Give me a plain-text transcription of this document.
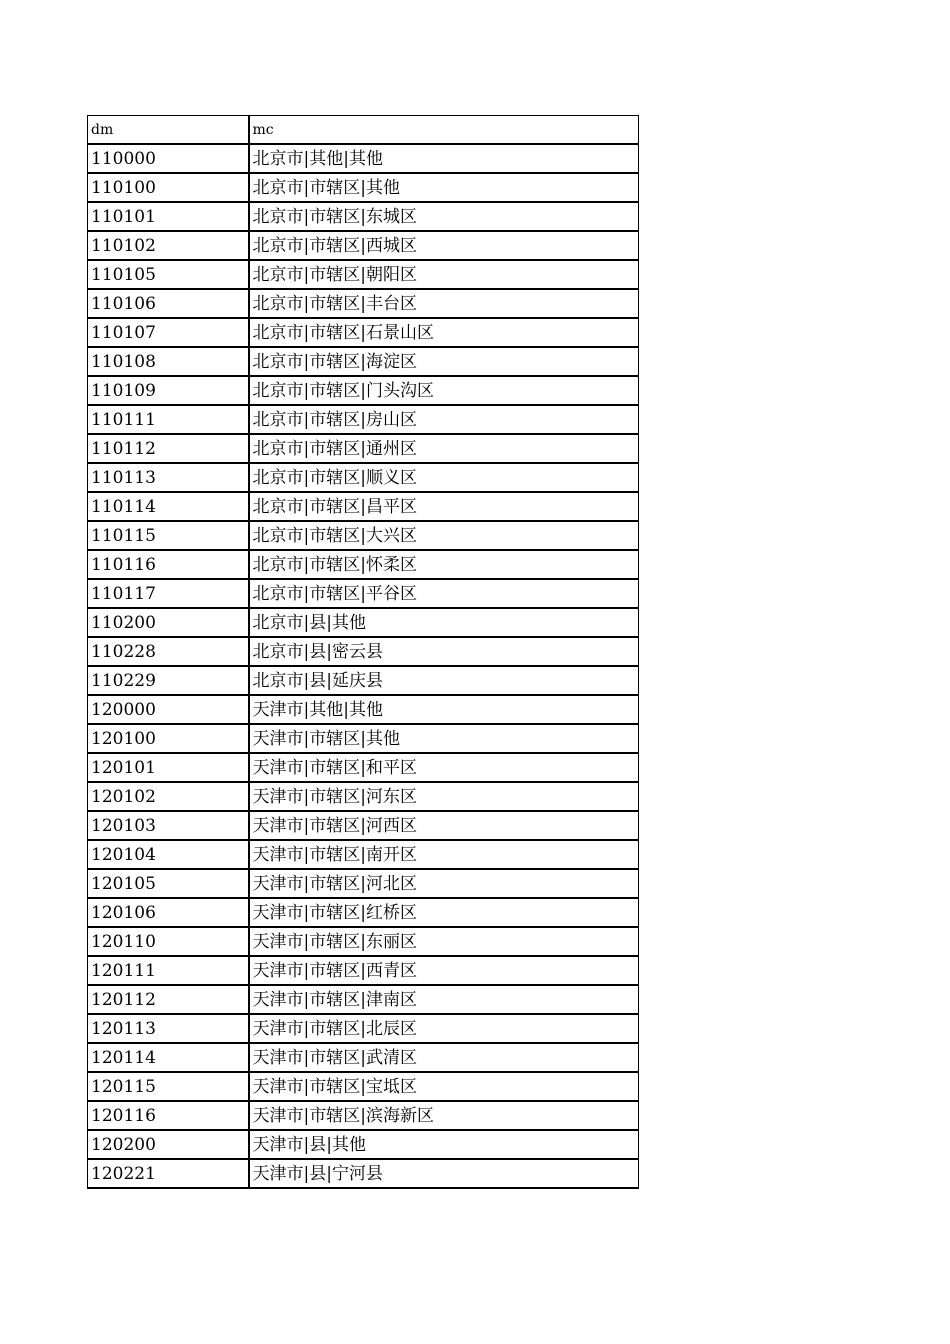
dm	mc
110000	北京市|其他|其他
110100	北京市|市辖区|其他
110101	北京市|市辖区|东城区
110102	北京市|市辖区|西城区
110105	北京市|市辖区|朝阳区
110106	北京市|市辖区|丰台区
110107	北京市|市辖区|石景山区
110108	北京市|市辖区|海淀区
110109	北京市|市辖区|门头沟区
110111	北京市|市辖区|房山区
110112	北京市|市辖区|通州区
110113	北京市|市辖区|顺义区
110114	北京市|市辖区|昌平区
110115	北京市|市辖区|大兴区
110116	北京市|市辖区|怀柔区
110117	北京市|市辖区|平谷区
110200	北京市|县|其他
110228	北京市|县|密云县
110229	北京市|县|延庆县
120000	天津市|其他|其他
120100	天津市|市辖区|其他
120101	天津市|市辖区|和平区
120102	天津市|市辖区|河东区
120103	天津市|市辖区|河西区
120104	天津市|市辖区|南开区
120105	天津市|市辖区|河北区
120106	天津市|市辖区|红桥区
120110	天津市|市辖区|东丽区
120111	天津市|市辖区|西青区
120112	天津市|市辖区|津南区
120113	天津市|市辖区|北辰区
120114	天津市|市辖区|武清区
120115	天津市|市辖区|宝坻区
120116	天津市|市辖区|滨海新区
120200	天津市|县|其他
120221	天津市|县|宁河县
